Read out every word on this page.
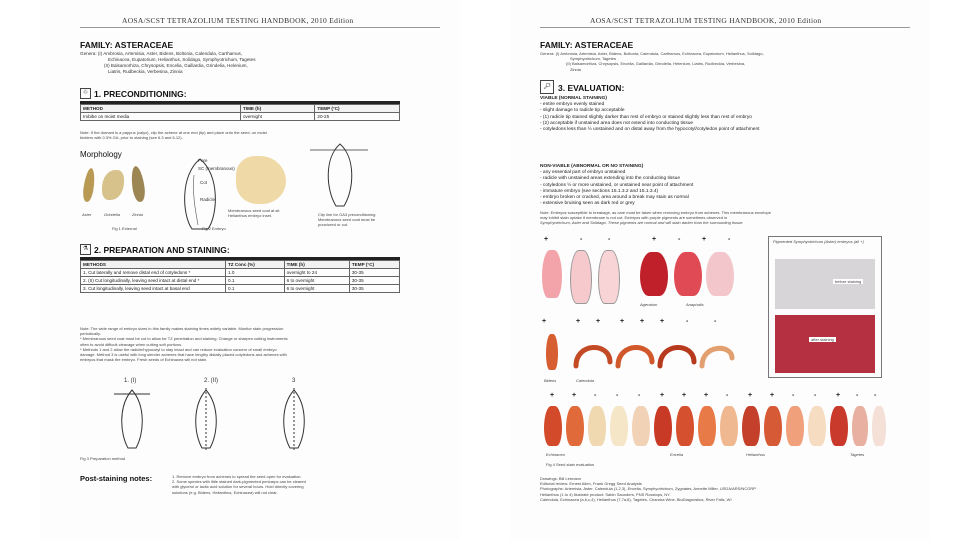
AOSA/SCST TETRAZOLIUM TESTING HANDBOOK, 2010 Edition
FAMILY: ASTERACEAE
Genera: (I) Ambrosia, Artemisia, Aster, Bidens, Boltonia, Calendula, Carthamus,
Echinacea, Eupatorium, Helianthus, Solidago, Symphyotrichum, Tagetes
(II) Balsamorhiza, Chrysopsis, Encelia, Gaillardia, Grindelia, Helenium,
Liatris, Rudbeckia, Verbesina, Zinnia
♲ 1. PRECONDITIONING:
METHOD	TIME (h)	TEMP (°C)
Imbibe on moist media	overnight	20-25
Note: If the domant is a pappus (calyx), clip the achene at one end (tip) and place onto the seed, on moist
blotters with 0.3% GA, prior to staining (see 6.3 and 6.12).
Morphology
Aster	Grindelia	Zinnia
Pore
SC (membranous)
Cot
Radicle
Fig 1 External	Fig 2 Embryo
Membranous seed coat at sit. Helianthus embryo inset.	Clip line for GA3 preconditioning. Membranous seed coat must be punctured or cut.
⚗ 2. PREPARATION AND STAINING:
METHODS	TZ Conc (%)	TIME (h)	TEMP (°C)
1. Cut laterally and remove distal end of cotyledons *	1.0	overnight to 24	30-35
2. (II) Cut longitudinally, leaving seed intact at distal end *	0.1	6 to overnight	30-35
3. Cut longitudinally, leaving seed intact at basal end	0.1	6 to overnight	30-35
Note: The wide range of embryo sizes in this family makes staining times widely variable. Monitor stain progression
periodically.
* Membranous seed coat must be cut to allow for TZ penetration and staining. Change or sharpen cutting instruments
often to avoid difficult cleavage when cutting soft portions.
* Methods 1 and 2 allow the radicle/hypocotyl to stay intact and can reduce evaluation concern of small embryo
damage. Method 3 is useful with long slender achenes that have lengthy distally placed cotyledons and achenes with
embryos that mask the embryo. Fresh seeds of Echinacea will not stain.
1. (I)	2. (II)	3
Fig 3 Preparation method
Post-staining notes:	1. Remove embryo from achenes to spread the seed open for evaluation.
2. Some species with little stained dark-pigmented pericarps can be cleared
with glycerol or lactic acid solution for several hours. Hold directly covering
solutions (e.g. Bidens, Helianthus, Echinacea) will not clear.
AOSA/SCST TETRAZOLIUM TESTING HANDBOOK, 2010 Edition
FAMILY: ASTERACEAE
Genera: (I) Ambrosia, Artemisia, Aster, Bidens, Boltonia, Calendula, Carthamus, Echinacea, Eupatorium, Helianthus, Solidago,
Symphyotrichum, Tagetes
(II) Balsamorhiza, Chrysopsis, Encelia, Gaillardia, Grindelia, Helenium, Liatris, Rudbeckia, Verbesina,
Zinnia
🔎︎ 3. EVALUATION:
VIABLE (NORMAL STAINING)
- entire embryo evenly stained
- slight damage to radicle tip acceptable
- (1) radicle tip stained slightly darker than rest of embryo or stained slightly less than rest of embryo
- (2) acceptable if unstained area does not extend into conducting tissue
- cotyledons less than ½ unstained and on distal away from the hypocotyl/cotyledon point of attachment
NON-VIABLE (ABNORMAL OR NO STAINING)
- any essential part of embryo unstained
- radicle with unstained areas extending into the conducting tissue
- cotyledons ½ or more unstained, or unstained near point of attachment
- immature embryo (see sections 15.1.3.2 and 15.1.3.4)
- embryo broken or cracked, area around a break may stain as normal
- extensive bruising seen as dark red or grey
Note: Embryos susceptible to breakage, as care must be taken when removing embryo from achenes. This membranous envelope
may inhibit stain uptake if membrane is not cut. Embryos with purple pigments are sometimes observed in
Symphyotrichum, Aster and Solidago. These pigments are normal and will stain darker than the surrounding tissue.
+	-	-	+	-	+	-
Ageratum	Anaphalis
Pigmented Symphyotrichum (Aster) embryos (all +)
before staining
after staining
+	+ +	+ + +	-	-
Bidens	Calendula
+	+	-	-	-	+	+	+	-	+	+	-	-	+ - -
Echinacea	Encelia	Helianthus	Tagetes
Fig 4 Seed stain evaluation
Drawings: Bill Lermann
Editorial review: Ernest Allen, Frank Gregg Seed Analysts
Photographs: Artemisia, Aster, Calendula (1,2,3), Encelia, Symphyotrichum, Zygnates, Annette Miller, USDA/ARS/NCGRP
Helianthus (1 to 4) illustrate product: Sabin Saunders, PNS Rosstops, NY.
Calendula, Echinacea (a,b,c,4), Helianthus (7,7a,8), Tagetes, Chandra Wine, BioDiagnostics, River Falls, WI
